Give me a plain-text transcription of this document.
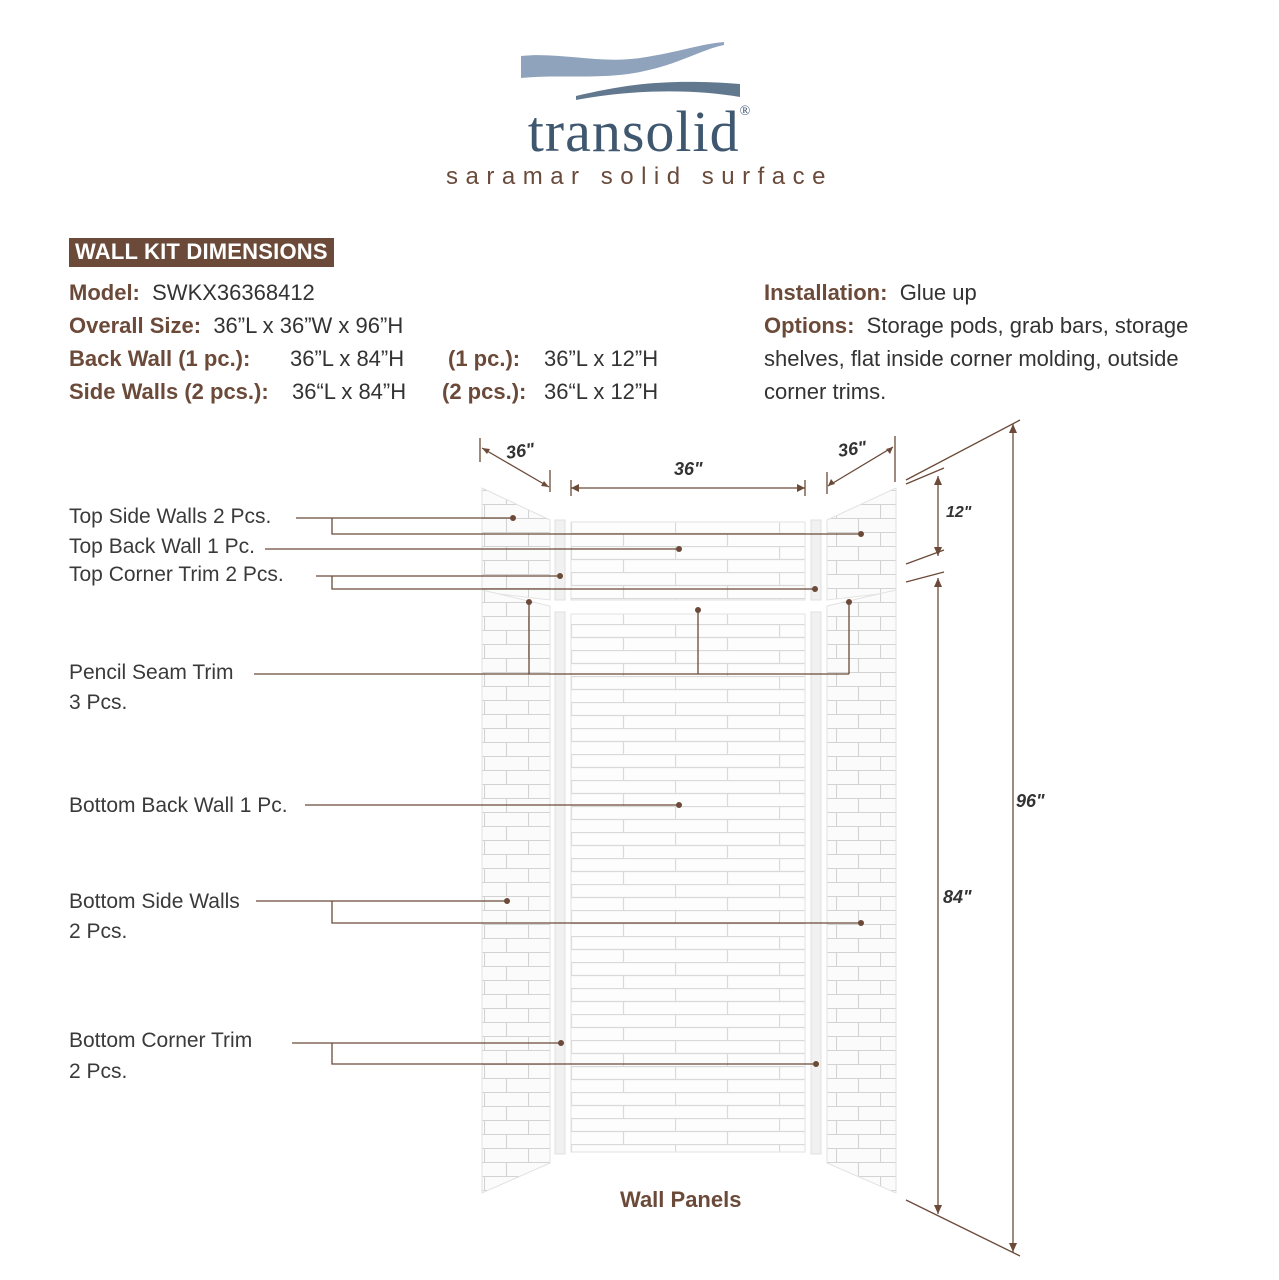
transolid®
saramar solid surface
WALL KIT DIMENSIONS
Model: SWKX36368412
Overall Size: 36”L x 36”W x 96”H
Back Wall (1 pc.): 36”L x 84”H (1 pc.): 36”L x 12”H
Side Walls (2 pcs.): 36“L x 84”H (2 pcs.): 36“L x 12”H
Installation: Glue up
Options: Storage pods, grab bars, storage
shelves, flat inside corner molding, outside
corner trims.
Top Side Walls 2 Pcs.
Top Back Wall 1 Pc.
Top Corner Trim 2 Pcs.
Pencil Seam Trim
3 Pcs.
Bottom Back Wall 1 Pc.
Bottom Side Walls
2 Pcs.
Bottom Corner Trim
2 Pcs.
36"
36"
36"
12"
84"
96"
Wall Panels
